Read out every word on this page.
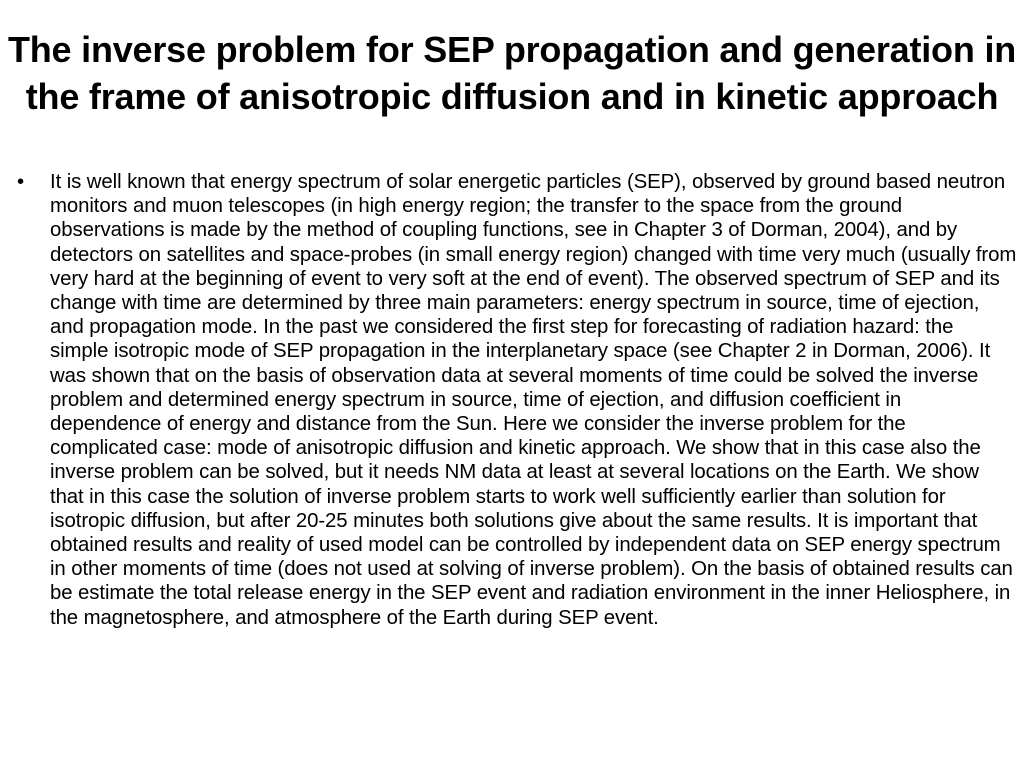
The inverse problem for SEP propagation and generation in the frame of anisotropic diffusion and in kinetic approach
•	It is well known that energy spectrum of solar energetic particles (SEP), observed by ground based neutron monitors and muon telescopes (in high energy region; the transfer to the space from the ground observations is made by the method of coupling functions, see in Chapter 3 of Dorman, 2004), and by detectors on satellites and space-probes (in small energy region) changed with time very much (usually from very hard at the beginning of event to very soft at the end of event). The observed spectrum of SEP and its change with time are determined by three main parameters: energy spectrum in source, time of ejection, and propagation mode. In the past we considered the first step for forecasting of radiation hazard: the simple isotropic mode of SEP propagation in the interplanetary space (see Chapter 2 in Dorman, 2006). It was shown that on the basis of observation data at several moments of time could be solved the inverse problem and determined energy spectrum in source, time of ejection, and diffusion coefficient in dependence of energy and distance from the Sun. Here we consider the inverse problem for the complicated case: mode of anisotropic diffusion and kinetic approach. We show that in this case also the inverse problem can be solved, but it needs NM data at least at several locations on the Earth. We show that in this case the solution of inverse problem starts to work well sufficiently earlier than solution for isotropic diffusion, but after 20-25 minutes both solutions give about the same results. It is important that obtained results and reality of used model can be controlled by independent data on SEP energy spectrum in other moments of time (does not used at solving of inverse problem). On the basis of obtained results can be estimate the total release energy in the SEP event and radiation environment in the inner Heliosphere, in the magnetosphere, and atmosphere of the Earth during SEP event.
